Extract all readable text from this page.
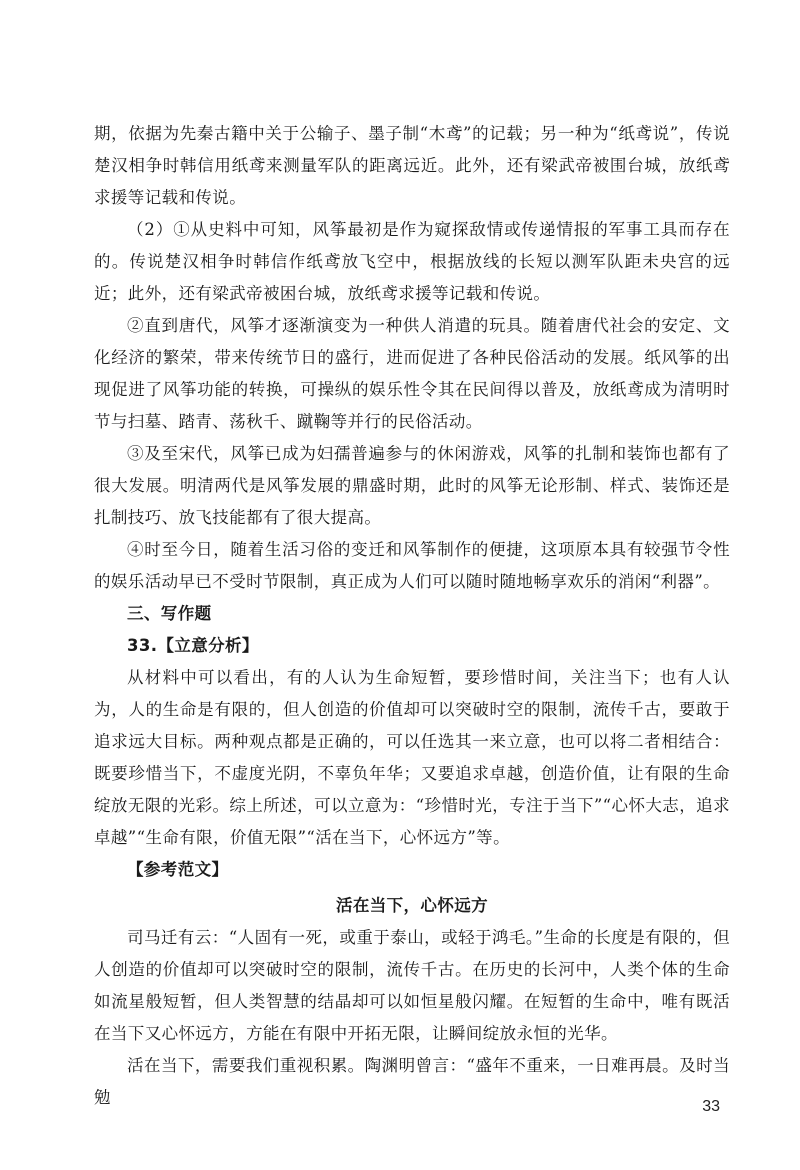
期，依据为先秦古籍中关于公输子、墨子制“木鸢”的记载；另一种为“纸鸢说”，传说楚汉相争时韩信用纸鸢来测量军队的距离远近。此外，还有梁武帝被围台城，放纸鸢求援等记载和传说。

（2）①从史料中可知，风筝最初是作为窥探敌情或传递情报的军事工具而存在的。传说楚汉相争时韩信作纸鸢放飞空中，根据放线的长短以测军队距未央宫的远近；此外，还有梁武帝被困台城，放纸鸢求援等记载和传说。

②直到唐代，风筝才逐渐演变为一种供人消遣的玩具。随着唐代社会的安定、文化经济的繁荣，带来传统节日的盛行，进而促进了各种民俗活动的发展。纸风筝的出现促进了风筝功能的转换，可操纵的娱乐性令其在民间得以普及，放纸鸢成为清明时节与扫墓、踏青、荡秋千、蹴鞠等并行的民俗活动。

③及至宋代，风筝已成为妇孺普遍参与的休闲游戏，风筝的扎制和装饰也都有了很大发展。明清两代是风筝发展的鼎盛时期，此时的风筝无论形制、样式、装饰还是扎制技巧、放飞技能都有了很大提高。

④时至今日，随着生活习俗的变迁和风筝制作的便捷，这项原本具有较强节令性的娱乐活动早已不受时节限制，真正成为人们可以随时随地畅享欢乐的消闲“利器”。

三、写作题

33.【立意分析】

从材料中可以看出，有的人认为生命短暂，要珍惜时间，关注当下；也有人认为，人的生命是有限的，但人创造的价值却可以突破时空的限制，流传千古，要敢于追求远大目标。两种观点都是正确的，可以任选其一来立意，也可以将二者相结合：既要珍惜当下，不虚度光阴，不辜负年华；又要追求卓越，创造价值，让有限的生命绽放无限的光彩。综上所述，可以立意为：“珍惜时光，专注于当下”“心怀大志，追求卓越”“生命有限，价值无限”“活在当下，心怀远方”等。

【参考范文】

活在当下，心怀远方

司马迁有云：“人固有一死，或重于泰山，或轻于鸿毛。”生命的长度是有限的，但人创造的价值却可以突破时空的限制，流传千古。在历史的长河中，人类个体的生命如流星般短暂，但人类智慧的结晶却可以如恒星般闪耀。在短暂的生命中，唯有既活在当下又心怀远方，方能在有限中开拓无限，让瞬间绽放永恒的光华。

活在当下，需要我们重视积累。陶渊明曾言：“盛年不重来，一日难再晨。及时当勉	33
